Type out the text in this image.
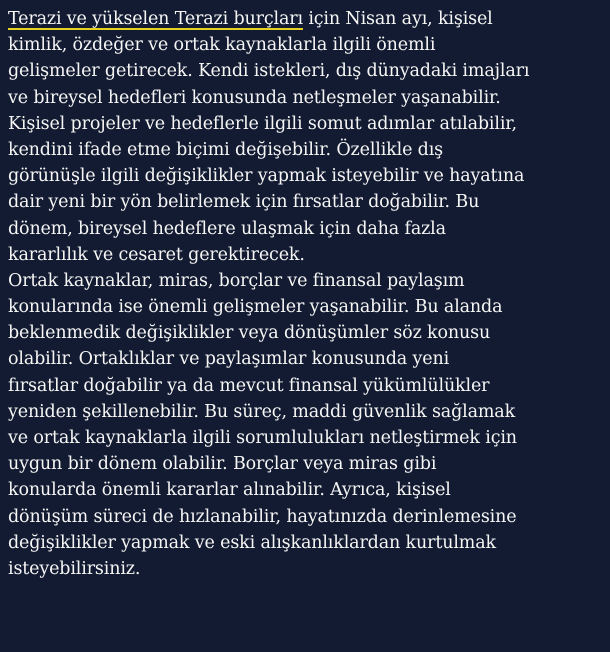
Terazi ve yükselen Terazi burçları için Nisan ayı, kişisel
kimlik, özdeğer ve ortak kaynaklarla ilgili önemli
gelişmeler getirecek. Kendi istekleri, dış dünyadaki imajları
ve bireysel hedefleri konusunda netleşmeler yaşanabilir.
Kişisel projeler ve hedeflerle ilgili somut adımlar atılabilir,
kendini ifade etme biçimi değişebilir. Özellikle dış
görünüşle ilgili değişiklikler yapmak isteyebilir ve hayatına
dair yeni bir yön belirlemek için fırsatlar doğabilir. Bu
dönem, bireysel hedeflere ulaşmak için daha fazla
kararlılık ve cesaret gerektirecek.
Ortak kaynaklar, miras, borçlar ve finansal paylaşım
konularında ise önemli gelişmeler yaşanabilir. Bu alanda
beklenmedik değişiklikler veya dönüşümler söz konusu
olabilir. Ortaklıklar ve paylaşımlar konusunda yeni
fırsatlar doğabilir ya da mevcut finansal yükümlülükler
yeniden şekillenebilir. Bu süreç, maddi güvenlik sağlamak
ve ortak kaynaklarla ilgili sorumlulukları netleştirmek için
uygun bir dönem olabilir. Borçlar veya miras gibi
konularda önemli kararlar alınabilir. Ayrıca, kişisel
dönüşüm süreci de hızlanabilir, hayatınızda derinlemesine
değişiklikler yapmak ve eski alışkanlıklardan kurtulmak
isteyebilirsiniz.
